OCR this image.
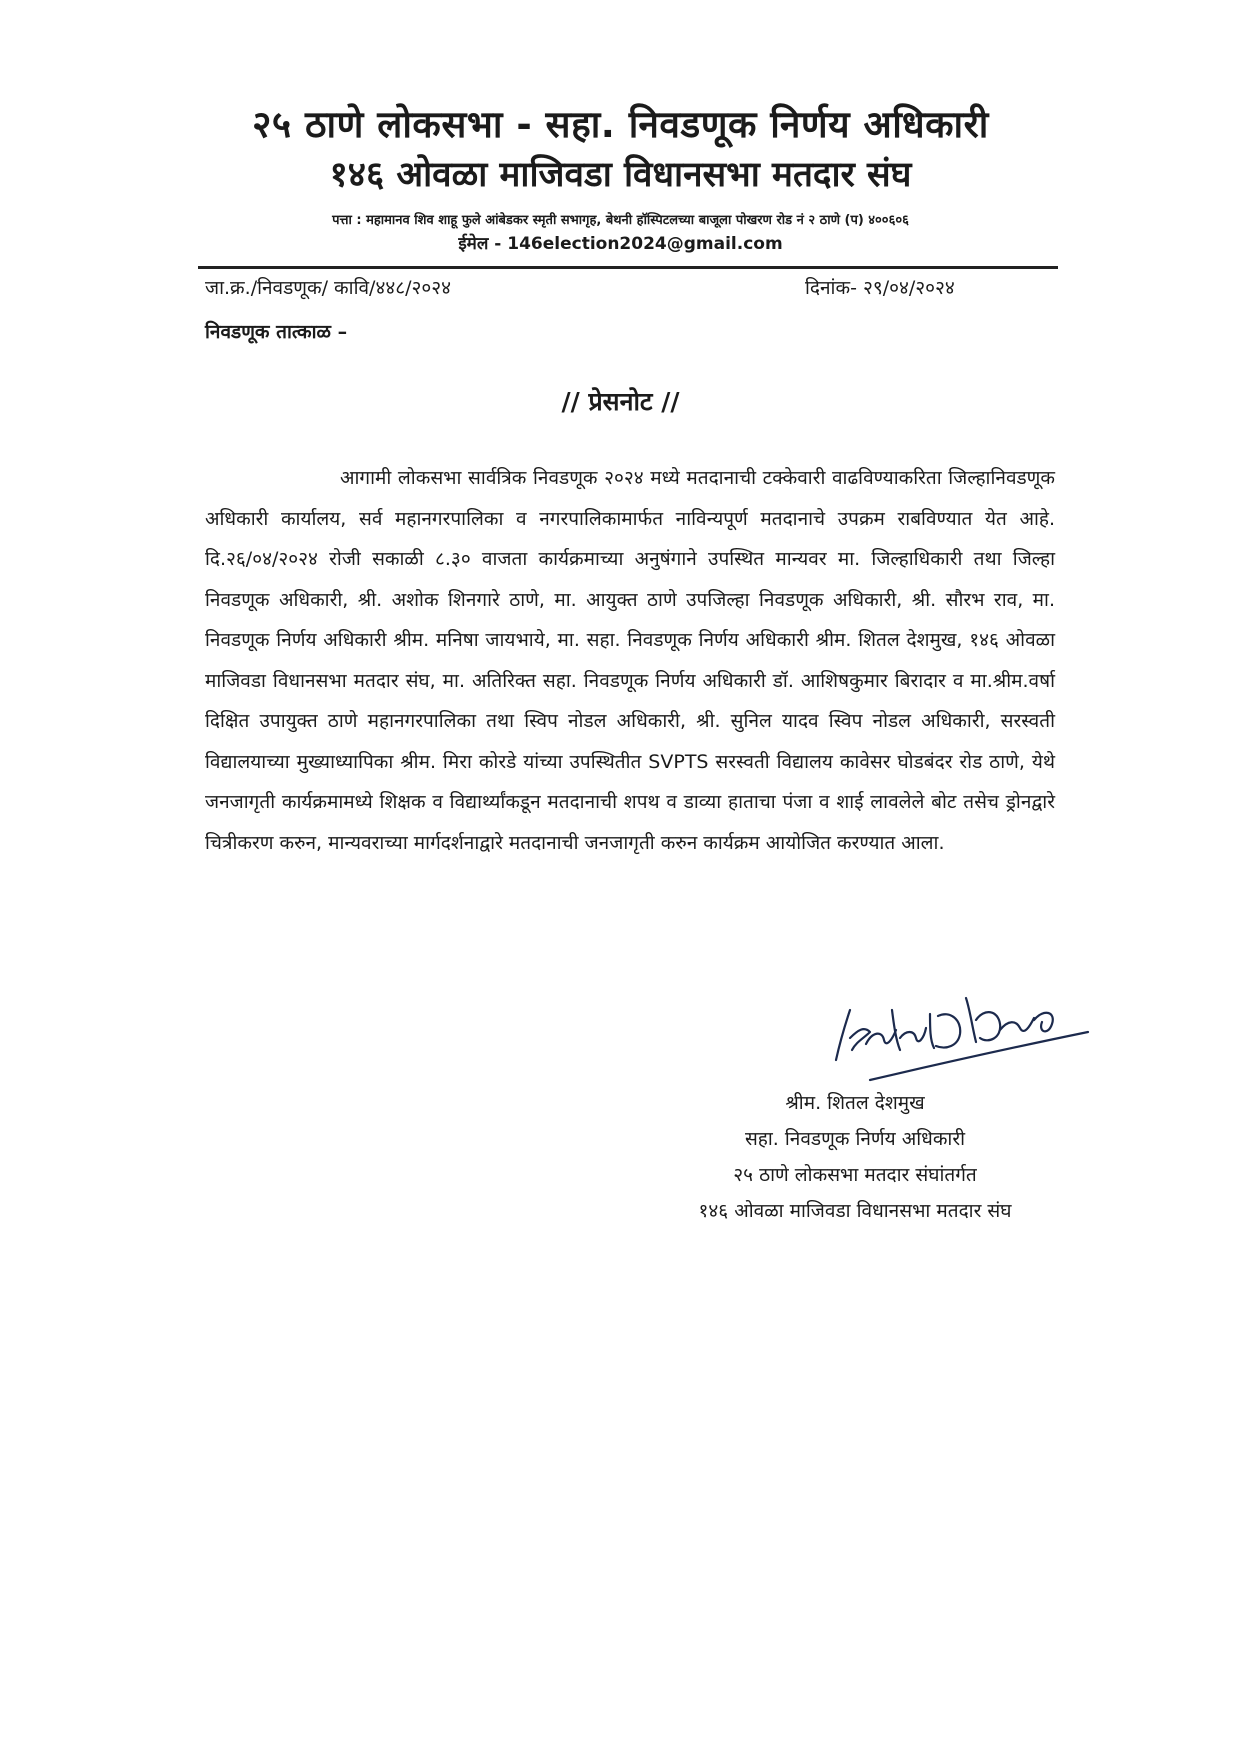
२५ ठाणे लोकसभा - सहा. निवडणूक निर्णय अधिकारी
१४६ ओवळा माजिवडा विधानसभा मतदार संघ
पत्ता : महामानव शिव शाहू फुले आंबेडकर स्मृती सभागृह, बेथनी हॉस्पिटलच्या बाजूला पोखरण रोड नं २ ठाणे (प) ४००६०६
ईमेल - 146election2024@gmail.com
जा.क्र./निवडणूक/ कावि/४४८/२०२४	दिनांक- २९/०४/२०२४
निवडणूक तात्काळ –
// प्रेसनोट //

आगामी लोकसभा सार्वत्रिक निवडणूक २०२४ मध्ये मतदानाची टक्केवारी वाढविण्याकरिता जिल्हानिवडणूक अधिकारी कार्यालय, सर्व महानगरपालिका व नगरपालिकामार्फत नाविन्यपूर्ण मतदानाचे उपक्रम राबविण्यात येत आहे. दि.२६/०४/२०२४ रोजी सकाळी ८.३० वाजता कार्यक्रमाच्या अनुषंगाने उपस्थित मान्यवर मा. जिल्हाधिकारी तथा जिल्हा निवडणूक अधिकारी, श्री. अशोक शिनगारे ठाणे, मा. आयुक्त ठाणे उपजिल्हा निवडणूक अधिकारी, श्री. सौरभ राव, मा. निवडणूक निर्णय अधिकारी श्रीम. मनिषा जायभाये, मा. सहा. निवडणूक निर्णय अधिकारी श्रीम. शितल देशमुख, १४६ ओवळा माजिवडा विधानसभा मतदार संघ, मा. अतिरिक्त सहा. निवडणूक निर्णय अधिकारी डॉ. आशिषकुमार बिरादार व मा.श्रीम.वर्षा दिक्षित उपायुक्त ठाणे महानगरपालिका तथा स्विप नोडल अधिकारी, श्री. सुनिल यादव स्विप नोडल अधिकारी, सरस्वती विद्यालयाच्या मुख्याध्यापिका श्रीम. मिरा कोरडे यांच्या उपस्थितीत SVPTS सरस्वती विद्यालय कावेसर घोडबंदर रोड ठाणे, येथे जनजागृती कार्यक्रमामध्ये शिक्षक व विद्यार्थ्यांकडून मतदानाची शपथ व डाव्या हाताचा पंजा व शाई लावलेले बोट तसेच ड्रोनद्वारे चित्रीकरण करुन, मान्यवराच्या मार्गदर्शनाद्वारे मतदानाची जनजागृती करुन कार्यक्रम आयोजित करण्यात आला.

श्रीम. शितल देशमुख
सहा. निवडणूक निर्णय अधिकारी
२५ ठाणे लोकसभा मतदार संघांतर्गत
१४६ ओवळा माजिवडा विधानसभा मतदार संघ
